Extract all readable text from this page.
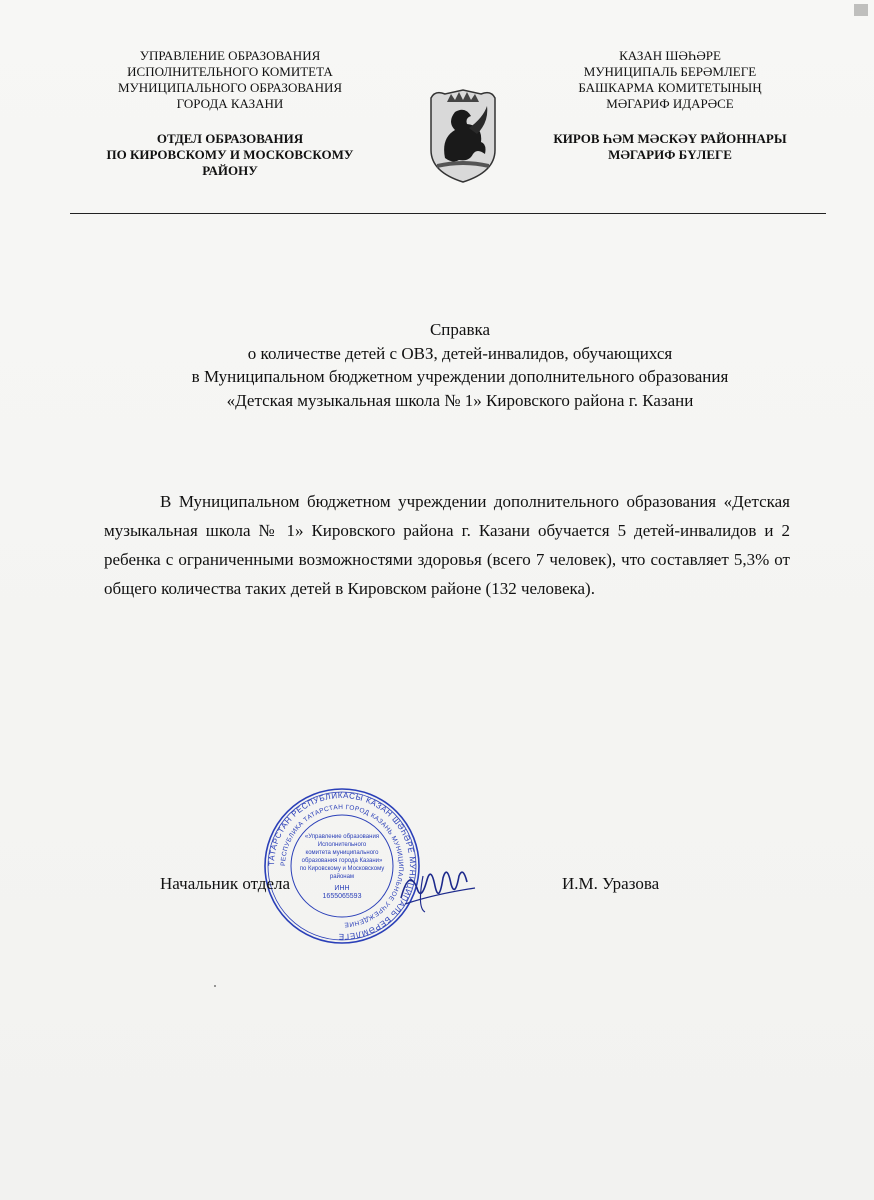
УПРАВЛЕНИЕ ОБРАЗОВАНИЯ
ИСПОЛНИТЕЛЬНОГО КОМИТЕТА
МУНИЦИПАЛЬНОГО ОБРАЗОВАНИЯ
ГОРОДА КАЗАНИ
ОТДЕЛ ОБРАЗОВАНИЯ
ПО КИРОВСКОМУ И МОСКОВСКОМУ
РАЙОНУ
КАЗАН ШӘҺӘРЕ
МУНИЦИПАЛЬ БЕРӘМЛЕГЕ
БАШКАРМА КОМИТЕТЫНЫҢ
МӘГАРИФ ИДАРӘСЕ
КИРОВ ҺӘМ МӘСКӘҮ РАЙОННАРЫ
МӘГАРИФ БҮЛЕГЕ
Справка
о количестве детей с ОВЗ, детей-инвалидов, обучающихся
в Муниципальном бюджетном учреждении дополнительного образования
«Детская музыкальная школа № 1» Кировского района г. Казани
В Муниципальном бюджетном учреждении дополнительного образования «Детская музыкальная школа № 1» Кировского района г. Казани обучается 5 детей-инвалидов и 2 ребенка с ограниченными возможностями здоровья (всего 7 человек), что составляет 5,3% от общего количества таких детей в Кировском районе (132 человека).
ТАТАРСТАН РЕСПУБЛИКАСЫ КАЗАН ШӘҺӘРЕ МУНИЦИПАЛЬ БЕРӘМЛЕГЕ
РЕСПУБЛИКА ТАТАРСТАН ГОРОД КАЗАНЬ МУНИЦИПАЛЬНОЕ УЧРЕЖДЕНИЕ
«Управление образования
Исполнительного
комитета муниципального
образования города Казани»
по Кировскому и Московскому
районам
ИНН
1655065593
Начальник отдела	И.М. Уразова
